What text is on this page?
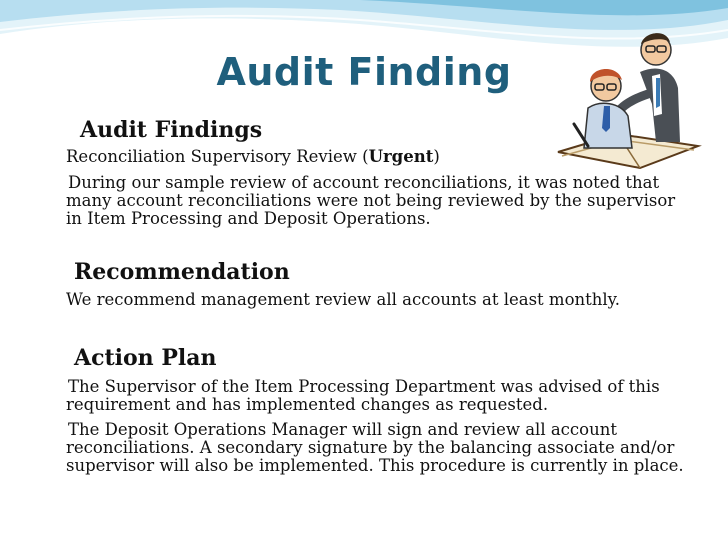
Audit Finding
Audit Findings
Reconciliation Supervisory Review (Urgent)
During our sample review of account reconciliations, it was noted that many account reconciliations were not being reviewed by the supervisor in Item Processing and Deposit Operations.
Recommendation
We recommend management review all accounts at least monthly.
Action Plan
The Supervisor of the Item Processing Department was advised of this requirement and has implemented changes as requested.
The Deposit Operations Manager will sign and review all account reconciliations. A secondary signature by the balancing associate and/or supervisor will also be implemented. This procedure is currently in place.
